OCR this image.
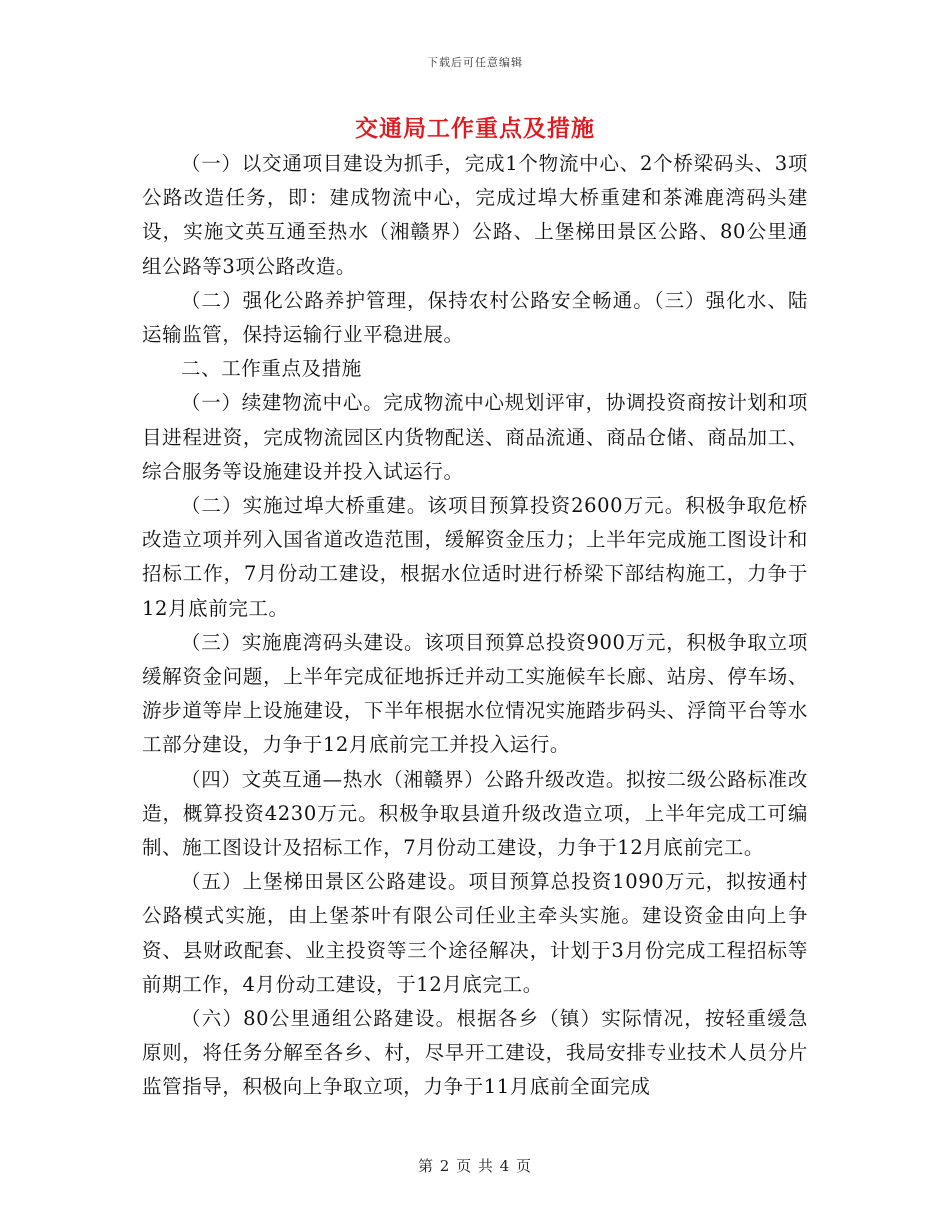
下载后可任意编辑
交通局工作重点及措施

（一）以交通项目建设为抓手，完成1个物流中心、2个桥梁码头、3项公路改造任务，即：建成物流中心，完成过埠大桥重建和茶滩鹿湾码头建设，实施文英互通至热水（湘赣界）公路、上堡梯田景区公路、80公里通组公路等3项公路改造。

（二）强化公路养护管理，保持农村公路安全畅通。（三）强化水、陆运输监管，保持运输行业平稳进展。

二、工作重点及措施

（一）续建物流中心。完成物流中心规划评审，协调投资商按计划和项目进程进资，完成物流园区内货物配送、商品流通、商品仓储、商品加工、综合服务等设施建设并投入试运行。

（二）实施过埠大桥重建。该项目预算投资2600万元。积极争取危桥改造立项并列入国省道改造范围，缓解资金压力；上半年完成施工图设计和招标工作，7月份动工建设，根据水位适时进行桥梁下部结构施工，力争于12月底前完工。

（三）实施鹿湾码头建设。该项目预算总投资900万元，积极争取立项缓解资金问题，上半年完成征地拆迁并动工实施候车长廊、站房、停车场、游步道等岸上设施建设，下半年根据水位情况实施踏步码头、浮筒平台等水工部分建设，力争于12月底前完工并投入运行。

（四）文英互通—热水（湘赣界）公路升级改造。拟按二级公路标准改造，概算投资4230万元。积极争取县道升级改造立项，上半年完成工可编制、施工图设计及招标工作，7月份动工建设，力争于12月底前完工。

（五）上堡梯田景区公路建设。项目预算总投资1090万元，拟按通村公路模式实施，由上堡茶叶有限公司任业主牵头实施。建设资金由向上争资、县财政配套、业主投资等三个途径解决，计划于3月份完成工程招标等前期工作，4月份动工建设，于12月底完工。

（六）80公里通组公路建设。根据各乡（镇）实际情况，按轻重缓急原则，将任务分解至各乡、村，尽早开工建设，我局安排专业技术人员分片监管指导，积极向上争取立项，力争于11月底前全面完成

第 2 页 共 4 页
